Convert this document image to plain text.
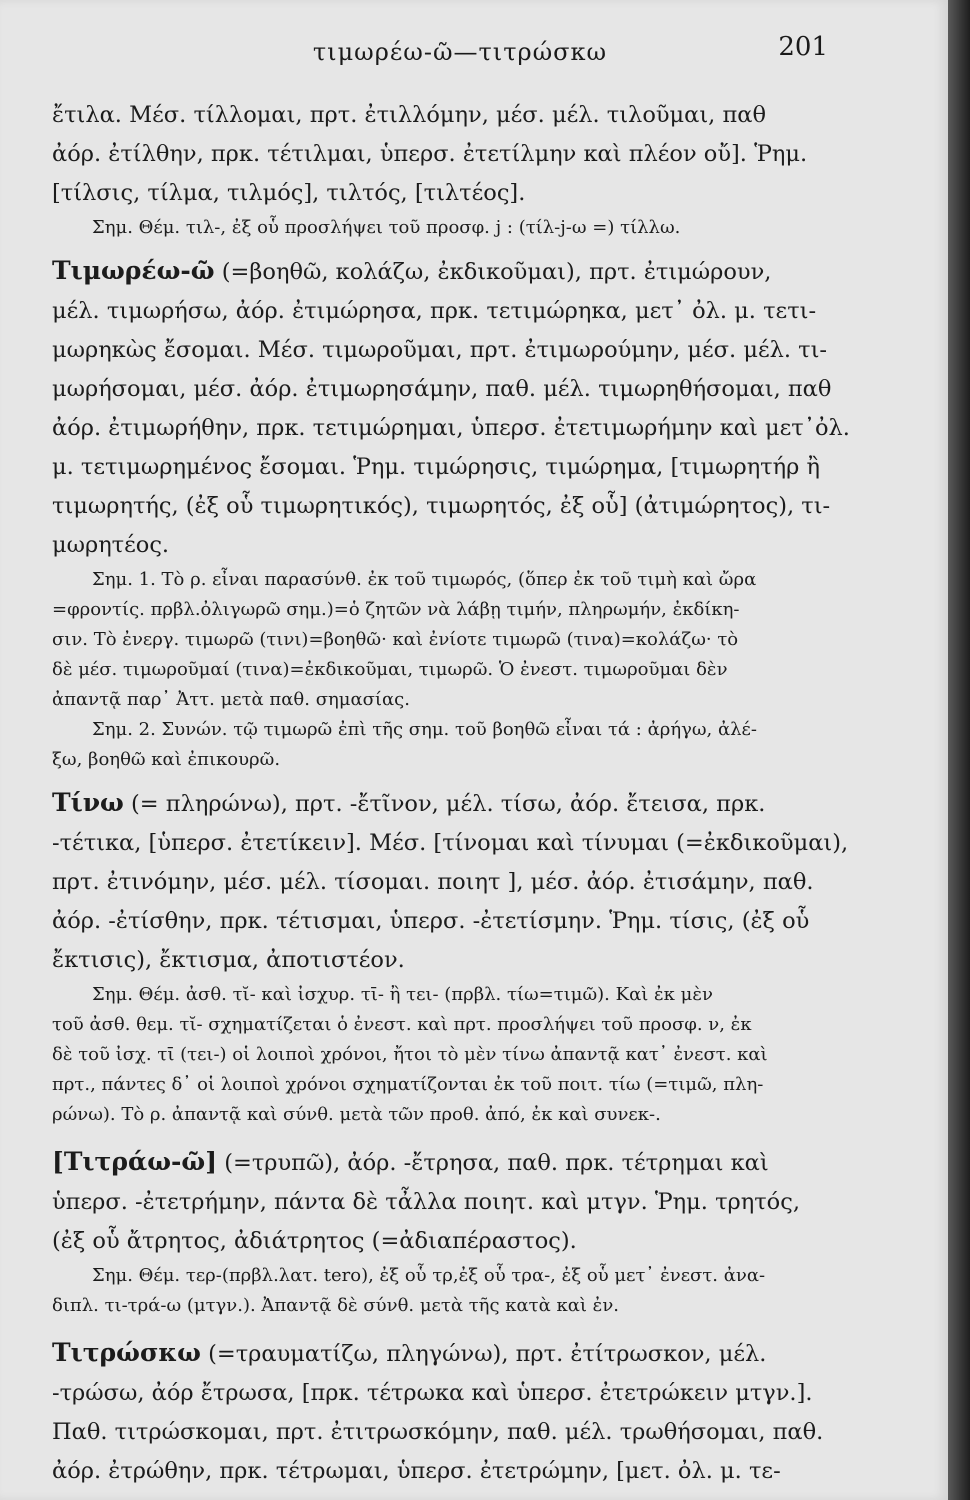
τιμωρέω-ῶ—τιτρώσκω	201
ἔτιλα. Μέσ. τίλλομαι, πρτ. ἐτιλλόμην, μέσ. μέλ. τιλοῦμαι, παθ
ἀόρ. ἐτίλθην, πρκ. τέτιλμαι, ὑπερσ. ἐτετίλμην καὶ πλέον οὔ]. Ῥημ.
[τίλσις, τίλμα, τιλμός], τιλτός, [τιλτέος].
Σημ. Θέμ. τιλ-, ἐξ οὗ προσλήψει τοῦ προσφ. j : (τίλ-j-ω =) τίλλω.
Τιμωρέω-ῶ (=βοηθῶ, κολάζω, ἐκδικοῦμαι), πρτ. ἐτιμώρουν,
μέλ. τιμωρήσω, ἀόρ. ἐτιμώρησα, πρκ. τετιμώρηκα, μετ᾽ ὀλ. μ. τετι-
μωρηκὼς ἔσομαι. Μέσ. τιμωροῦμαι, πρτ. ἐτιμωρούμην, μέσ. μέλ. τι-
μωρήσομαι, μέσ. ἀόρ. ἐτιμωρησάμην, παθ. μέλ. τιμωρηθήσομαι, παθ
ἀόρ. ἐτιμωρήθην, πρκ. τετιμώρημαι, ὑπερσ. ἐτετιμωρήμην καὶ μετ᾽ὀλ.
μ. τετιμωρημένος ἔσομαι. Ῥημ. τιμώρησις, τιμώρημα, [τιμωρητήρ ἢ
τιμωρητής, (ἐξ οὗ τιμωρητικός), τιμωρητός, ἐξ οὗ] (ἀτιμώρητος), τι-
μωρητέος.
Σημ. 1. Τὸ ρ. εἶναι παρασύνθ. ἐκ τοῦ τιμωρός, (ὅπερ ἐκ τοῦ τιμὴ καὶ ὤρα
=φροντίς. πρβλ.ὀλιγωρῶ σημ.)=ὁ ζητῶν νὰ λάβῃ τιμήν, πληρωμήν, ἐκδίκη-
σιν. Τὸ ἐνεργ. τιμωρῶ (τινι)=βοηθῶ· καὶ ἐνίοτε τιμωρῶ (τινα)=κολάζω· τὸ
δὲ μέσ. τιμωροῦμαί (τινα)=ἐκδικοῦμαι, τιμωρῶ. Ὁ ἐνεστ. τιμωροῦμαι δὲν
ἀπαντᾷ παρ᾽ Ἀττ. μετὰ παθ. σημασίας.
Σημ. 2. Συνών. τῷ τιμωρῶ ἐπὶ τῆς σημ. τοῦ βοηθῶ εἶναι τά : ἀρήγω, ἀλέ-
ξω, βοηθῶ καὶ ἐπικουρῶ.
Τίνω (= πληρώνω), πρτ. -ἔτῖνον, μέλ. τίσω, ἀόρ. ἔτεισα, πρκ.
-τέτικα, [ὑπερσ. ἐτετίκειν]. Μέσ. [τίνομαι καὶ τίνυμαι (=ἐκδικοῦμαι),
πρτ. ἐτινόμην, μέσ. μέλ. τίσομαι. ποιητ ], μέσ. ἀόρ. ἐτισάμην, παθ.
ἀόρ. -ἐτίσθην, πρκ. τέτισμαι, ὑπερσ. -ἐτετίσμην. Ῥημ. τίσις, (ἐξ οὗ
ἔκτισις), ἔκτισμα, ἀποτιστέον.
Σημ. Θέμ. ἀσθ. τῐ- καὶ ἰσχυρ. τῑ- ἢ τει- (πρβλ. τίω=τιμῶ). Καὶ ἐκ μὲν
τοῦ ἀσθ. θεμ. τῐ- σχηματίζεται ὁ ἐνεστ. καὶ πρτ. προσλήψει τοῦ προσφ. ν, ἐκ
δὲ τοῦ ἰσχ. τῑ (τει-) οἱ λοιποὶ χρόνοι, ἤτοι τὸ μὲν τίνω ἀπαντᾷ κατ᾽ ἐνεστ. καὶ
πρτ., πάντες δ᾽ οἱ λοιποὶ χρόνοι σχηματίζονται ἐκ τοῦ ποιτ. τίω (=τιμῶ, πλη-
ρώνω). Τὸ ρ. ἀπαντᾷ καὶ σύνθ. μετὰ τῶν προθ. ἀπό, ἐκ καὶ συνεκ-.
[Τιτράω-ῶ] (=τρυπῶ), ἀόρ. -ἔτρησα, παθ. πρκ. τέτρημαι καὶ
ὑπερσ. -ἐτετρήμην, πάντα δὲ τἆλλα ποιητ. καὶ μτγν. Ῥημ. τρητός,
(ἐξ οὗ ἄτρητος, ἀδιάτρητος (=ἀδιαπέραστος).
Σημ. Θέμ. τερ-(πρβλ.λατ. tero), ἐξ οὗ τρ,ἐξ οὗ τρα-, ἐξ οὗ μετ᾽ ἐνεστ. ἀνα-
διπλ. τι-τρά-ω (μτγν.). Ἀπαντᾷ δὲ σύνθ. μετὰ τῆς κατὰ καὶ ἐν.
Τιτρώσκω (=τραυματίζω, πληγώνω), πρτ. ἐτίτρωσκον, μέλ.
-τρώσω, ἀόρ ἔτρωσα, [πρκ. τέτρωκα καὶ ὑπερσ. ἐτετρώκειν μτγν.].
Παθ. τιτρώσκομαι, πρτ. ἐτιτρωσκόμην, παθ. μέλ. τρωθήσομαι, παθ.
ἀόρ. ἐτρώθην, πρκ. τέτρωμαι, ὑπερσ. ἐτετρώμην, [μετ. ὀλ. μ. τε-
